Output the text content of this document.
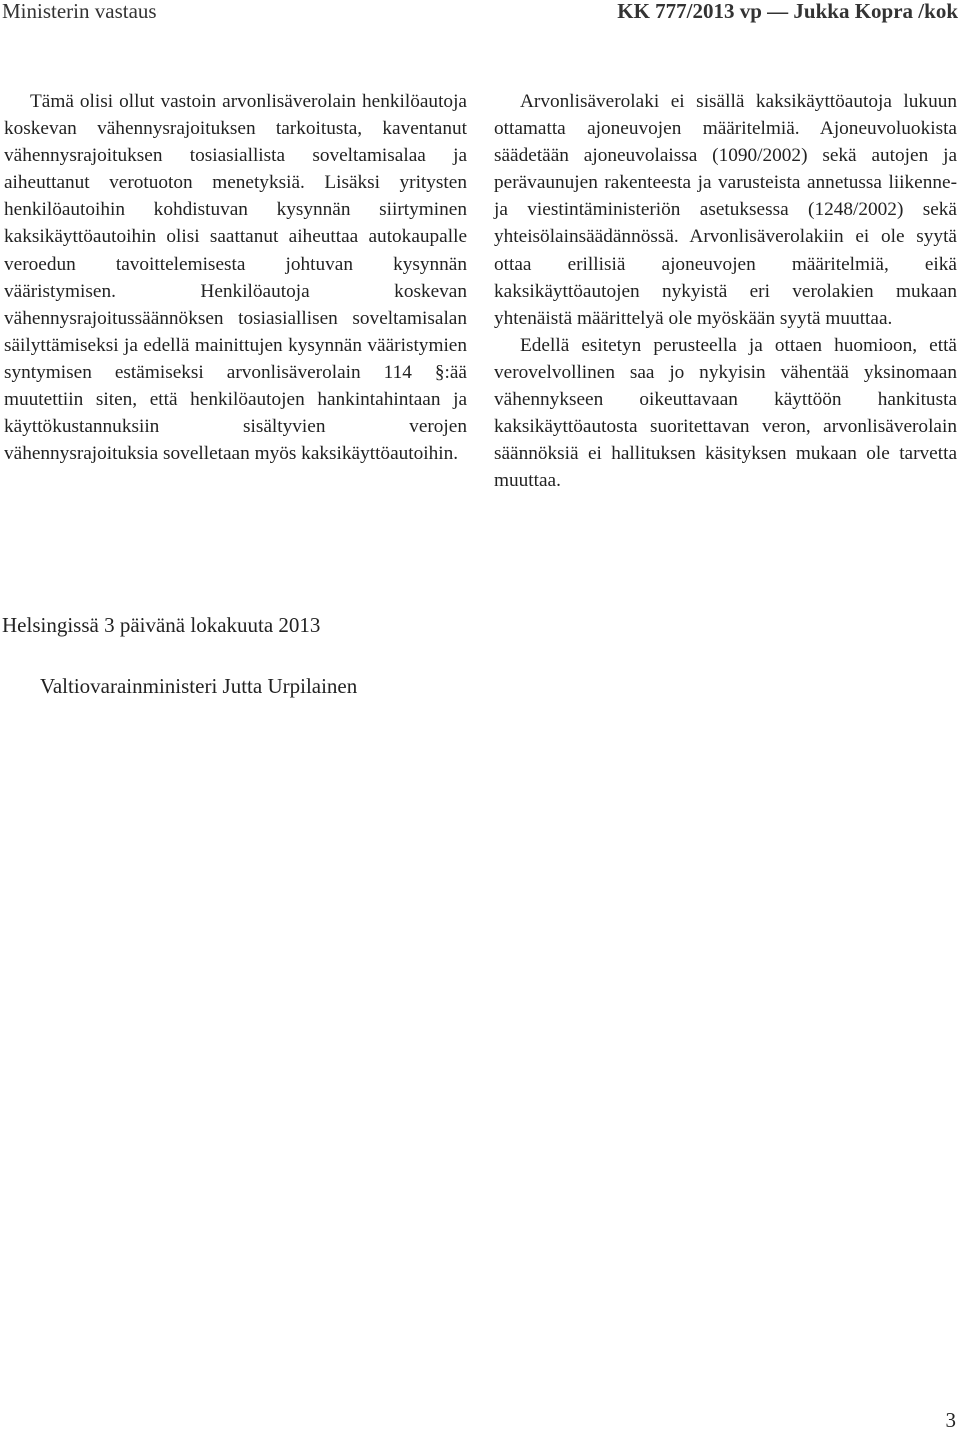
Ministerin vastaus	KK 777/2013 vp — Jukka Kopra /kok

Tämä olisi ollut vastoin arvonlisäverolain henkilöautoja koskevan vähennysrajoituksen tarkoitusta, kaventanut vähennysrajoituksen tosiasiallista soveltamisalaa ja aiheuttanut verotuoton menetyksiä. Lisäksi yritysten henkilöautoihin kohdistuvan kysynnän siirtyminen kaksikäyttöautoihin olisi saattanut aiheuttaa autokaupalle veroedun tavoittelemisesta johtuvan kysynnän vääristymisen. Henkilöautoja koskevan vähennysrajoitussäännöksen tosiasiallisen soveltamisalan säilyttämiseksi ja edellä mainittujen kysynnän vääristymien syntymisen estämiseksi arvonlisäverolain 114 §:ää muutettiin siten, että henkilöautojen hankintahintaan ja käyttökustannuksiin sisältyvien verojen vähennysrajoituksia sovelletaan myös kaksikäyttöautoihin.

Arvonlisäverolaki ei sisällä kaksikäyttöautoja lukuun ottamatta ajoneuvojen määritelmiä. Ajoneuvoluokista säädetään ajoneuvolaissa (1090/2002) sekä autojen ja perävaunujen rakenteesta ja varusteista annetussa liikenne- ja viestintäministeriön asetuksessa (1248/2002) sekä yhteisölainsäädännössä. Arvonlisäverolakiin ei ole syytä ottaa erillisiä ajoneuvojen määritelmiä, eikä kaksikäyttöautojen nykyistä eri verolakien mukaan yhtenäistä määrittelyä ole myöskään syytä muuttaa.

Edellä esitetyn perusteella ja ottaen huomioon, että verovelvollinen saa jo nykyisin vähentää yksinomaan vähennykseen oikeuttavaan käyttöön hankitusta kaksikäyttöautosta suoritettavan veron, arvonlisäverolain säännöksiä ei hallituksen käsityksen mukaan ole tarvetta muuttaa.

Helsingissä 3 päivänä lokakuuta 2013
Valtiovarainministeri Jutta Urpilainen
3
